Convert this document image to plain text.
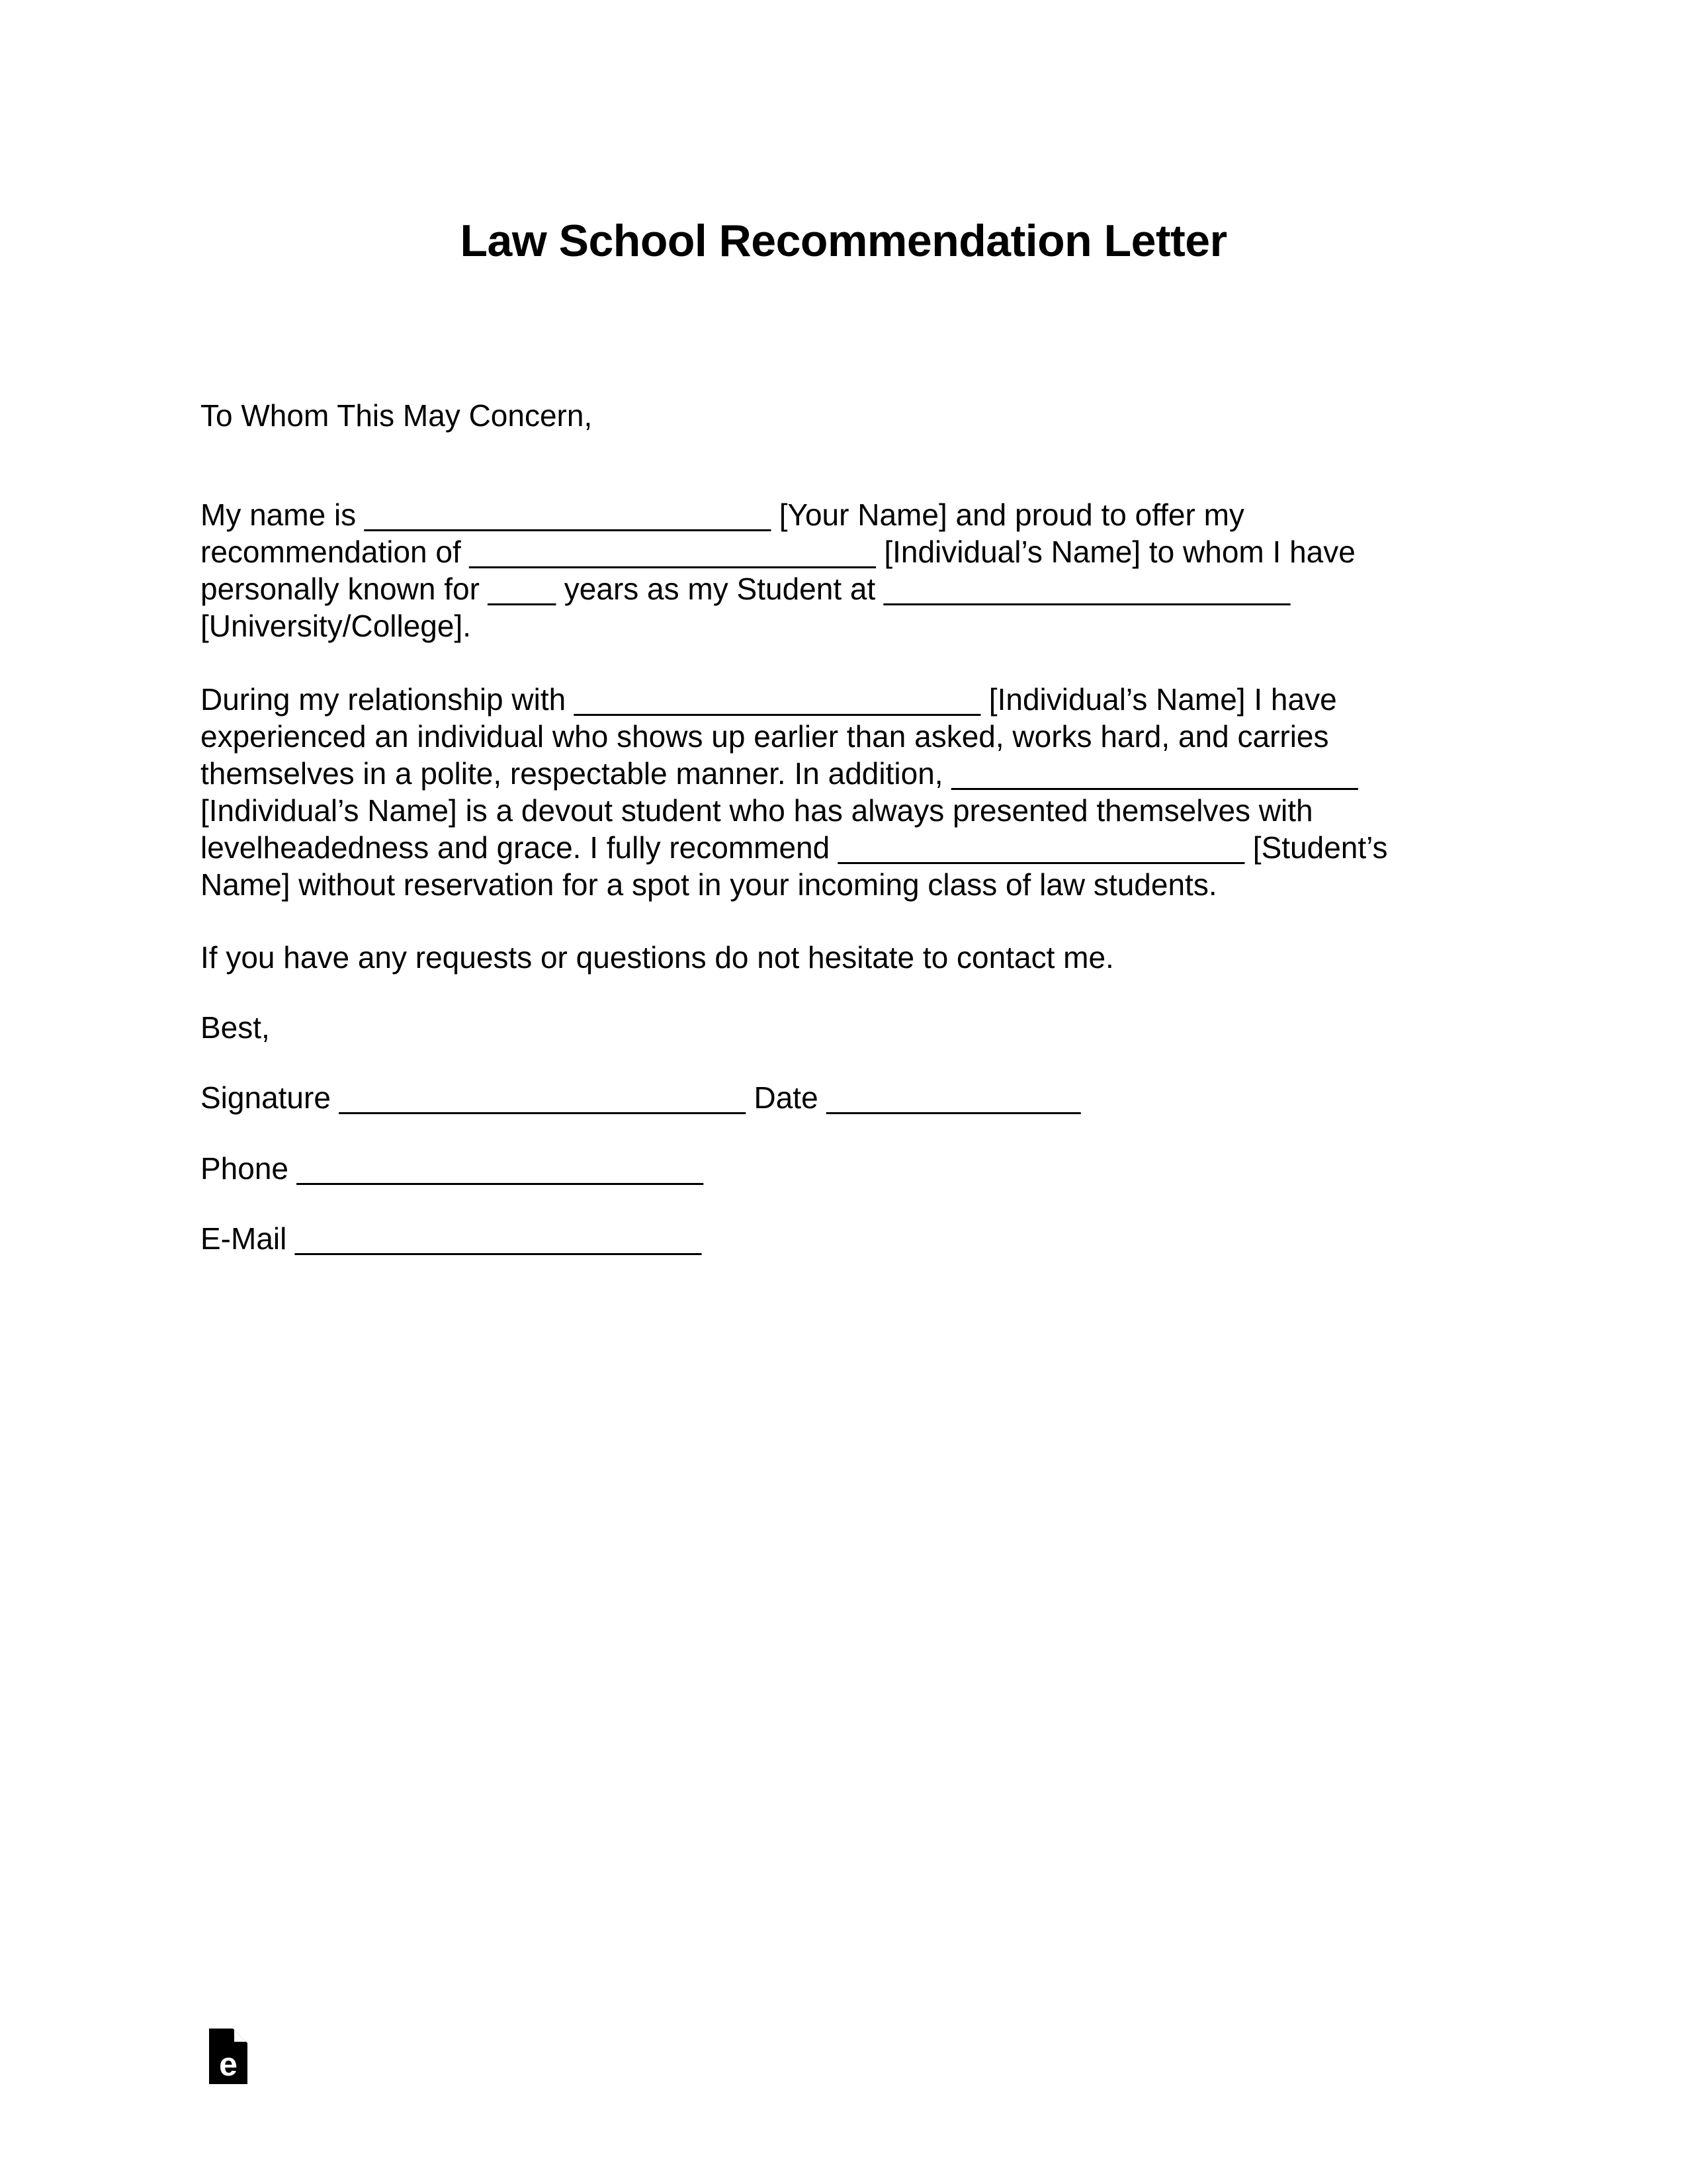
Law School Recommendation Letter

To Whom This May Concern,

My name is ________________________ [Your Name] and proud to offer my recommendation of ________________________ [Individual’s Name] to whom I have personally known for ____ years as my Student at ________________________ [University/College].

During my relationship with ________________________ [Individual’s Name] I have experienced an individual who shows up earlier than asked, works hard, and carries themselves in a polite, respectable manner. In addition, ________________________ [Individual’s Name] is a devout student who has always presented themselves with levelheadedness and grace. I fully recommend ________________________ [Student’s Name] without reservation for a spot in your incoming class of law students.

If you have any requests or questions do not hesitate to contact me.

Best,

Signature ________________________ Date _______________

Phone ________________________

E-Mail ________________________

e
